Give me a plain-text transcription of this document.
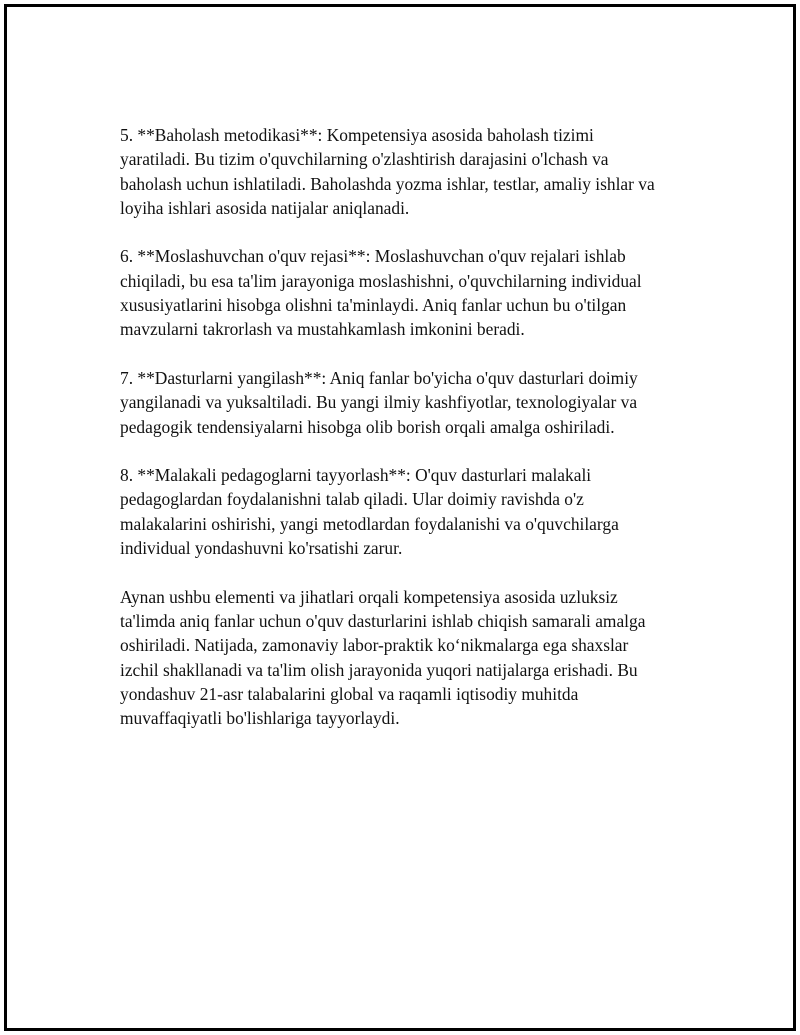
5. **Baholash metodikasi**: Kompetensiya asosida baholash tizimi
yaratiladi. Bu tizim o'quvchilarning o'zlashtirish darajasini o'lchash va
baholash uchun ishlatiladi. Baholashda yozma ishlar, testlar, amaliy ishlar va
loyiha ishlari asosida natijalar aniqlanadi.

6. **Moslashuvchan o'quv rejasi**: Moslashuvchan o'quv rejalari ishlab
chiqiladi, bu esa ta'lim jarayoniga moslashishni, o'quvchilarning individual
xususiyatlarini hisobga olishni ta'minlaydi. Aniq fanlar uchun bu o'tilgan
mavzularni takrorlash va mustahkamlash imkonini beradi.

7. **Dasturlarni yangilash**: Aniq fanlar bo'yicha o'quv dasturlari doimiy
yangilanadi va yuksaltiladi. Bu yangi ilmiy kashfiyotlar, texnologiyalar va
pedagogik tendensiyalarni hisobga olib borish orqali amalga oshiriladi.

8. **Malakali pedagoglarni tayyorlash**: O'quv dasturlari malakali
pedagoglardan foydalanishni talab qiladi. Ular doimiy ravishda o'z
malakalarini oshirishi, yangi metodlardan foydalanishi va o'quvchilarga
individual yondashuvni ko'rsatishi zarur.

Aynan ushbu elementi va jihatlari orqali kompetensiya asosida uzluksiz
ta'limda aniq fanlar uchun o'quv dasturlarini ishlab chiqish samarali amalga
oshiriladi. Natijada, zamonaviy labor-praktik ko‘nikmalarga ega shaxslar
izchil shakllanadi va ta'lim olish jarayonida yuqori natijalarga erishadi. Bu
yondashuv 21-asr talabalarini global va raqamli iqtisodiy muhitda
muvaffaqiyatli bo'lishlariga tayyorlaydi.
